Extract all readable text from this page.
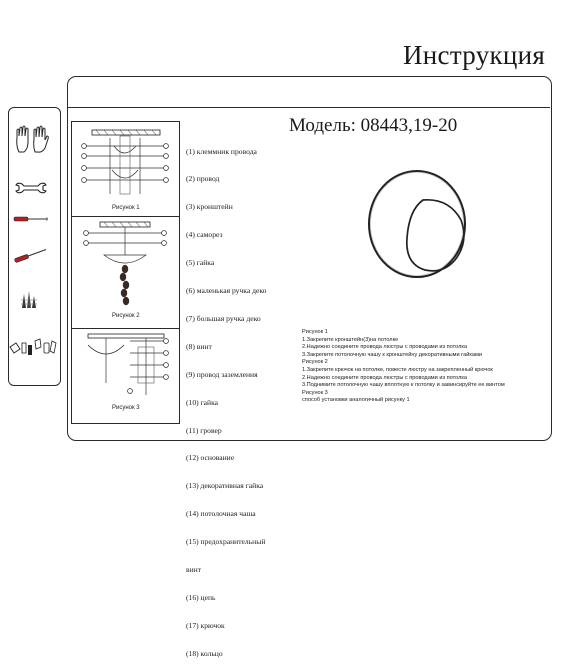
Инструкция
Рисунок 1
Рисунок 2
Рисунок 3

(1) клеммник провода

(2) провод

(3) кронштейн

(4) саморез

(5) гайка

(6) маленькая ручка деко

(7) большая ручка деко

(8) винт

(9) провод заземления

(10) гайка

(11) гровер

(12) основание

(13) декоративная гайка

(14) потолочная чаша

(15) предохранительный

винт

(16) цепь

(17) крючок

(18) кольцо

Модель: 08443,19-20
Рисунок 1
1.Закрепите кронштейн(3)на потолке
2.Надежно соедините провода люстры с проводами из потолка
3.Закрепите потолочную чашу к кронштейну декоративными гайками
Рисунок 2
1.Закрепите крючок на потолке, повесте люстру на закрепленный крючок
2.Надежно соедините провода люстры с проводами из потолка
3.Поднимите потолочную чашу вплотную к потолку и завинсируйте ее винтом
Рисунок 3
способ установки аналогичный рисунку 1
